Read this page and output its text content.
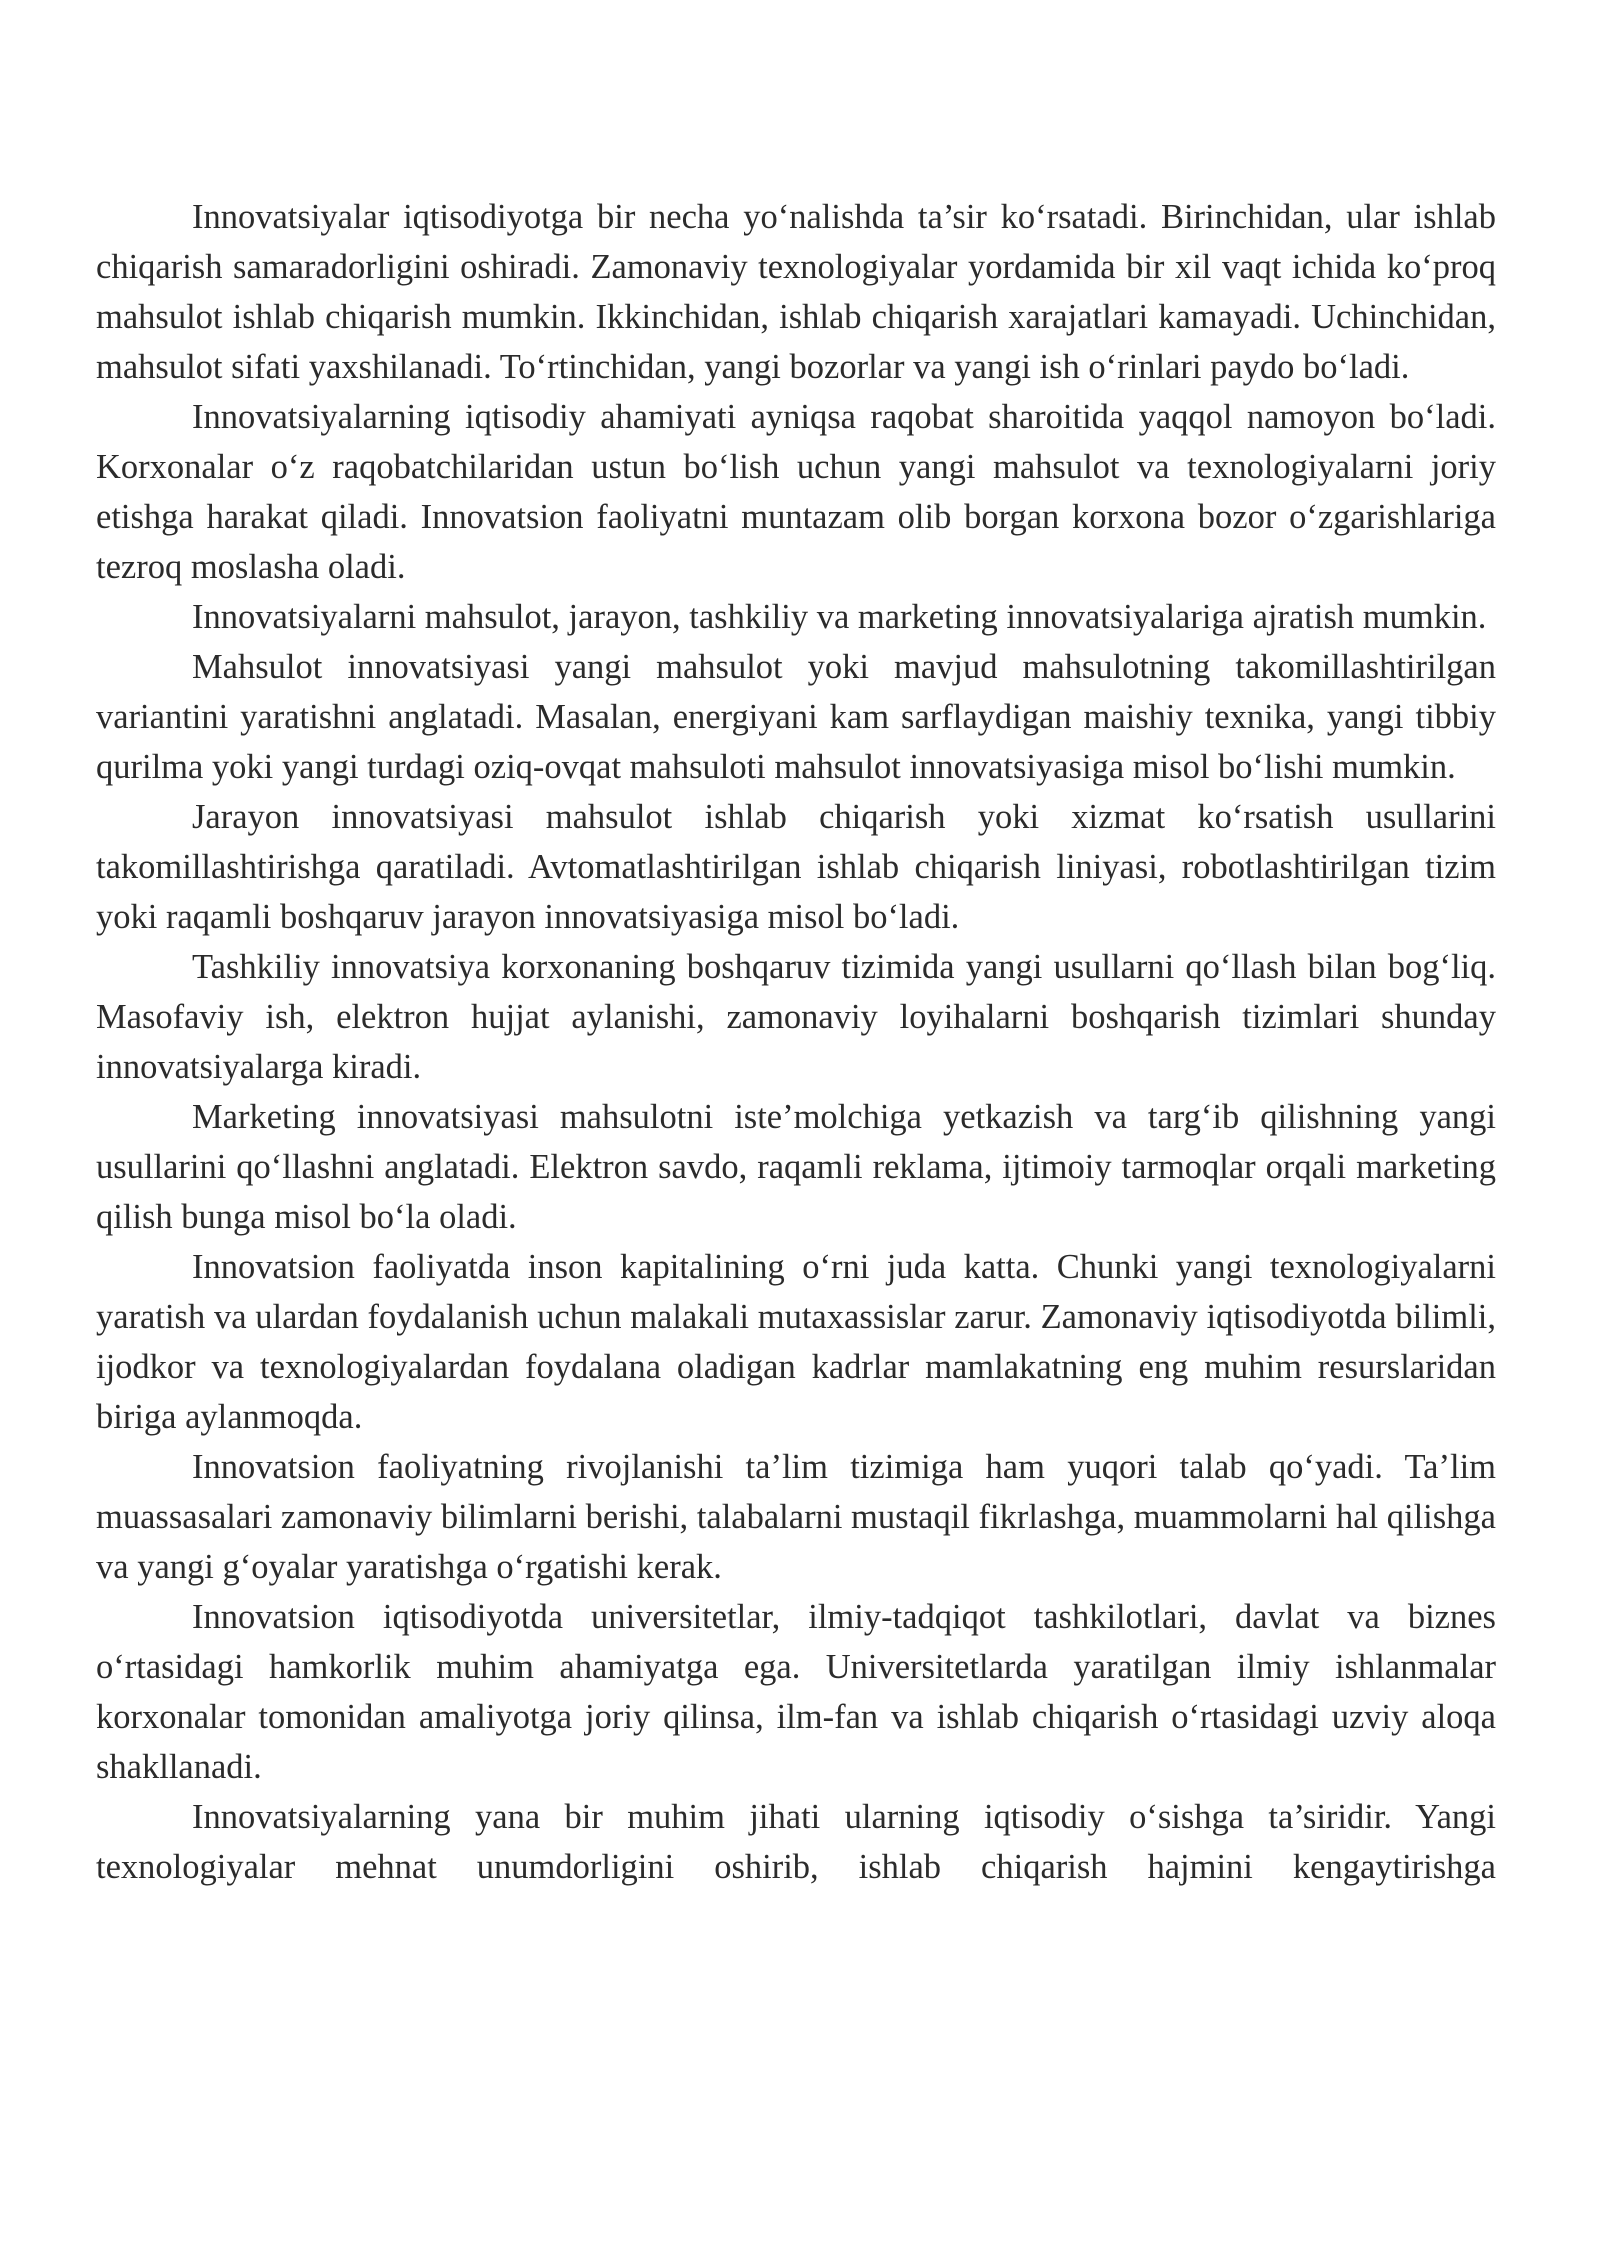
Innovatsiyalar iqtisodiyotga bir necha yo‘nalishda ta’sir ko‘rsatadi. Birinchidan, ular ishlab chiqarish samaradorligini oshiradi. Zamonaviy texnologiyalar yordamida bir xil vaqt ichida ko‘proq mahsulot ishlab chiqarish mumkin. Ikkinchidan, ishlab chiqarish xarajatlari kamayadi. Uchinchidan, mahsulot sifati yaxshilanadi. To‘rtinchidan, yangi bozorlar va yangi ish o‘rinlari paydo bo‘ladi.

Innovatsiyalarning iqtisodiy ahamiyati ayniqsa raqobat sharoitida yaqqol namoyon bo‘ladi. Korxonalar o‘z raqobatchilaridan ustun bo‘lish uchun yangi mahsulot va texnologiyalarni joriy etishga harakat qiladi. Innovatsion faoliyatni muntazam olib borgan korxona bozor o‘zgarishlariga tezroq moslasha oladi.

Innovatsiyalarni mahsulot, jarayon, tashkiliy va marketing innovatsiyalariga ajratish mumkin.

Mahsulot innovatsiyasi yangi mahsulot yoki mavjud mahsulotning takomillashtirilgan variantini yaratishni anglatadi. Masalan, energiyani kam sarflaydigan maishiy texnika, yangi tibbiy qurilma yoki yangi turdagi oziq-ovqat mahsuloti mahsulot innovatsiyasiga misol bo‘lishi mumkin.

Jarayon innovatsiyasi mahsulot ishlab chiqarish yoki xizmat ko‘rsatish usullarini takomillashtirishga qaratiladi. Avtomatlashtirilgan ishlab chiqarish liniyasi, robotlashtirilgan tizim yoki raqamli boshqaruv jarayon innovatsiyasiga misol bo‘ladi.

Tashkiliy innovatsiya korxonaning boshqaruv tizimida yangi usullarni qo‘llash bilan bog‘liq. Masofaviy ish, elektron hujjat aylanishi, zamonaviy loyihalarni boshqarish tizimlari shunday innovatsiyalarga kiradi.

Marketing innovatsiyasi mahsulotni iste’molchiga yetkazish va targ‘ib qilishning yangi usullarini qo‘llashni anglatadi. Elektron savdo, raqamli reklama, ijtimoiy tarmoqlar orqali marketing qilish bunga misol bo‘la oladi.

Innovatsion faoliyatda inson kapitalining o‘rni juda katta. Chunki yangi texnologiyalarni yaratish va ulardan foydalanish uchun malakali mutaxassislar zarur. Zamonaviy iqtisodiyotda bilimli, ijodkor va texnologiyalardan foydalana oladigan kadrlar mamlakatning eng muhim resurslaridan biriga aylanmoqda.

Innovatsion faoliyatning rivojlanishi ta’lim tizimiga ham yuqori talab qo‘yadi. Ta’lim muassasalari zamonaviy bilimlarni berishi, talabalarni mustaqil fikrlashga, muammolarni hal qilishga va yangi g‘oyalar yaratishga o‘rgatishi kerak.

Innovatsion iqtisodiyotda universitetlar, ilmiy-tadqiqot tashkilotlari, davlat va biznes o‘rtasidagi hamkorlik muhim ahamiyatga ega. Universitetlarda yaratilgan ilmiy ishlanmalar korxonalar tomonidan amaliyotga joriy qilinsa, ilm-fan va ishlab chiqarish o‘rtasidagi uzviy aloqa shakllanadi.

Innovatsiyalarning yana bir muhim jihati ularning iqtisodiy o‘sishga ta’siridir. Yangi texnologiyalar mehnat unumdorligini oshirib, ishlab chiqarish hajmini kengaytirishga
